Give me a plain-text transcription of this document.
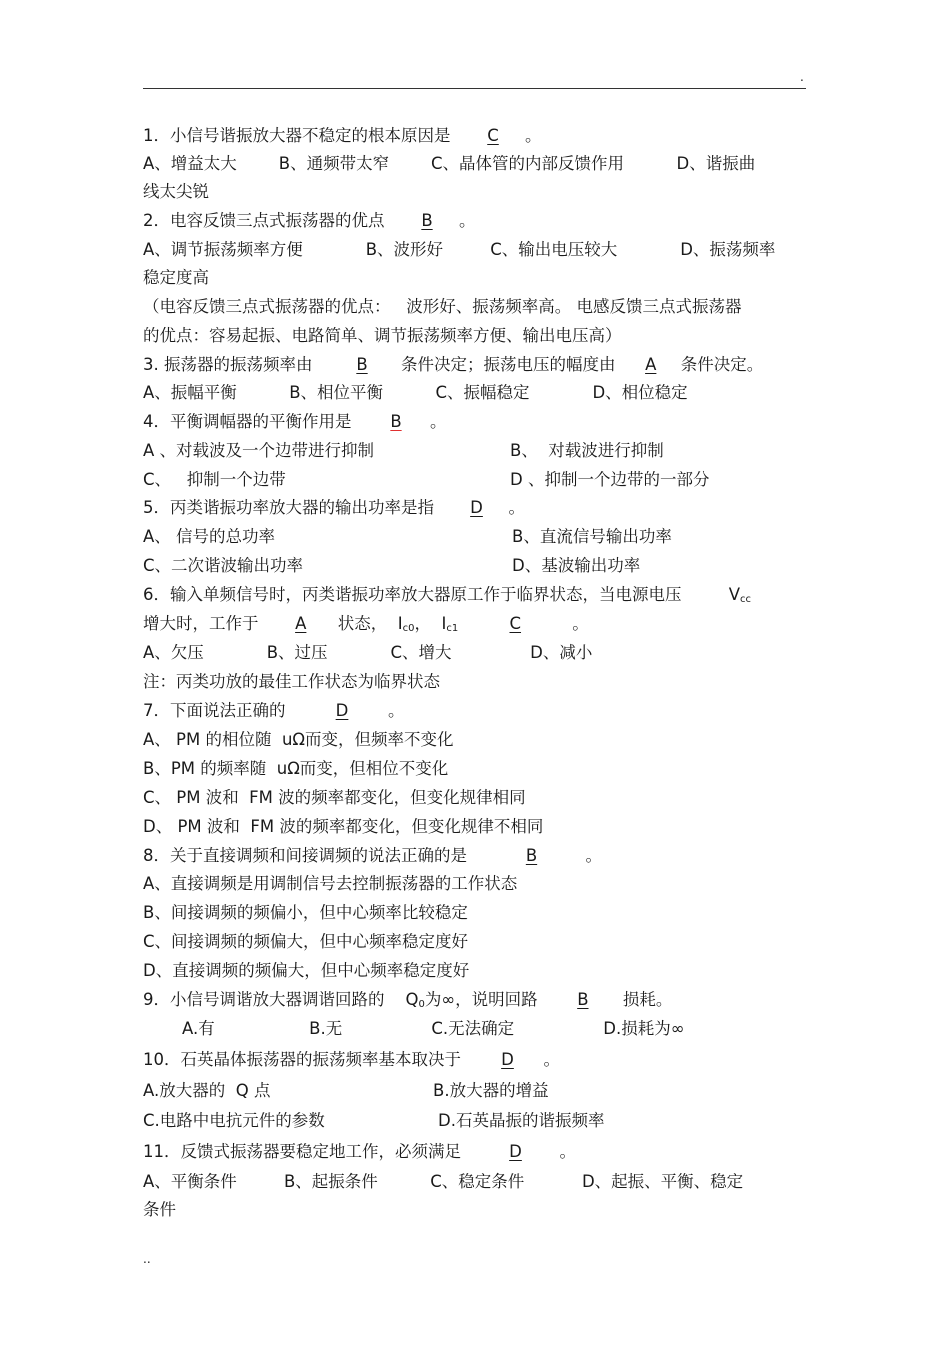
.
1．小信号谐振放大器不稳定的根本原因是 C 。
A、增益太大        B、通频带太窄        C、晶体管的内部反馈作用          D、谐振曲
线太尖锐
2．电容反馈三点式振荡器的优点 B 。
A、调节振荡频率方便            B、波形好         C、输出电压较大            D、振荡频率
稳定度高
（电容反馈三点式振荡器的优点：   波形好、振荡频率高。 电感反馈三点式振荡器
的优点：容易起振、电路简单、调节振荡频率方便、输出电压高）
3. 振荡器的振荡频率由	B 条件决定；振荡电压的幅度由 A 条件决定。
A、振幅平衡          B、相位平衡          C、振幅稳定            D、相位稳定
4．平衡调幅器的平衡作用是 B 。
A 、对载波及一个边带进行抑制	B、  对载波进行抑制
C、   抑制一个边带	D 、抑制一个边带的一部分
5．丙类谐振功率放大器的输出功率是指 D 。
A、 信号的总功率	B、直流信号输出功率
C、二次谐波输出功率	D、基波输出功率
6．输入单频信号时，丙类谐振功率放大器原工作于临界状态，当电源电压	$V_{cc}$
增大时，工作于 A 状态， $I_{c0}$， $I_{c1}$	C	。
A、欠压            B、过压            C、增大               D、减小
注：丙类功放的最佳工作状态为临界状态
7．下面说法正确的	D 。
A、 PM 的相位随  uΩ而变，但频率不变化
B、PM 的频率随  uΩ而变，但相位不变化
C、 PM 波和  FM 波的频率都变化，但变化规律相同
D、 PM 波和  FM 波的频率都变化，但变化规律不相同
8．关于直接调频和间接调频的说法正确的是	B	。
A、直接调频是用调制信号去控制振荡器的工作状态
B、间接调频的频偏小，但中心频率比较稳定
C、间接调频的频偏大，但中心频率稳定度好
D、直接调频的频偏大，但中心频率稳定度好
9．小信号调谐放大器调谐回路的 $Q_0$为∞，说明回路 B 损耗。
A.有                  B.无                 C.无法确定                 D.损耗为∞
10．石英晶体振荡器的振荡频率基本取决于 D 。
A.放大器的  Q 点	B.放大器的增益
C.电路中电抗元件的参数	D.石英晶振的谐振频率
11．反馈式振荡器要稳定地工作，必须满足	D 。
A、平衡条件         B、起振条件          C、稳定条件           D、起振、平衡、稳定
条件
..
